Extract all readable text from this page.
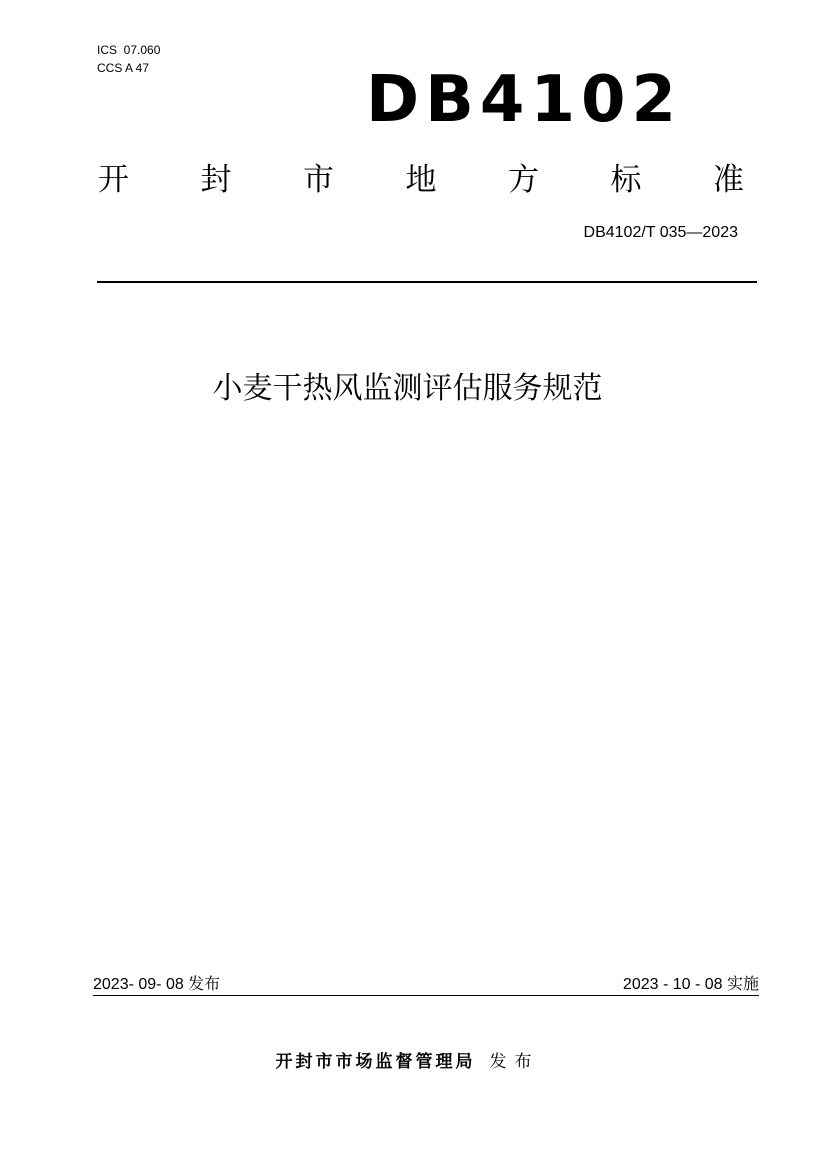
ICS  07.060
CCS A 47	DB4102
开 封 市 地 方 标 准
DB4102/T 035—2023
小麦干热风监测评估服务规范
2023- 09- 08 发布	2023 - 10 - 08 实施
开封市市场监督管理局 发布
